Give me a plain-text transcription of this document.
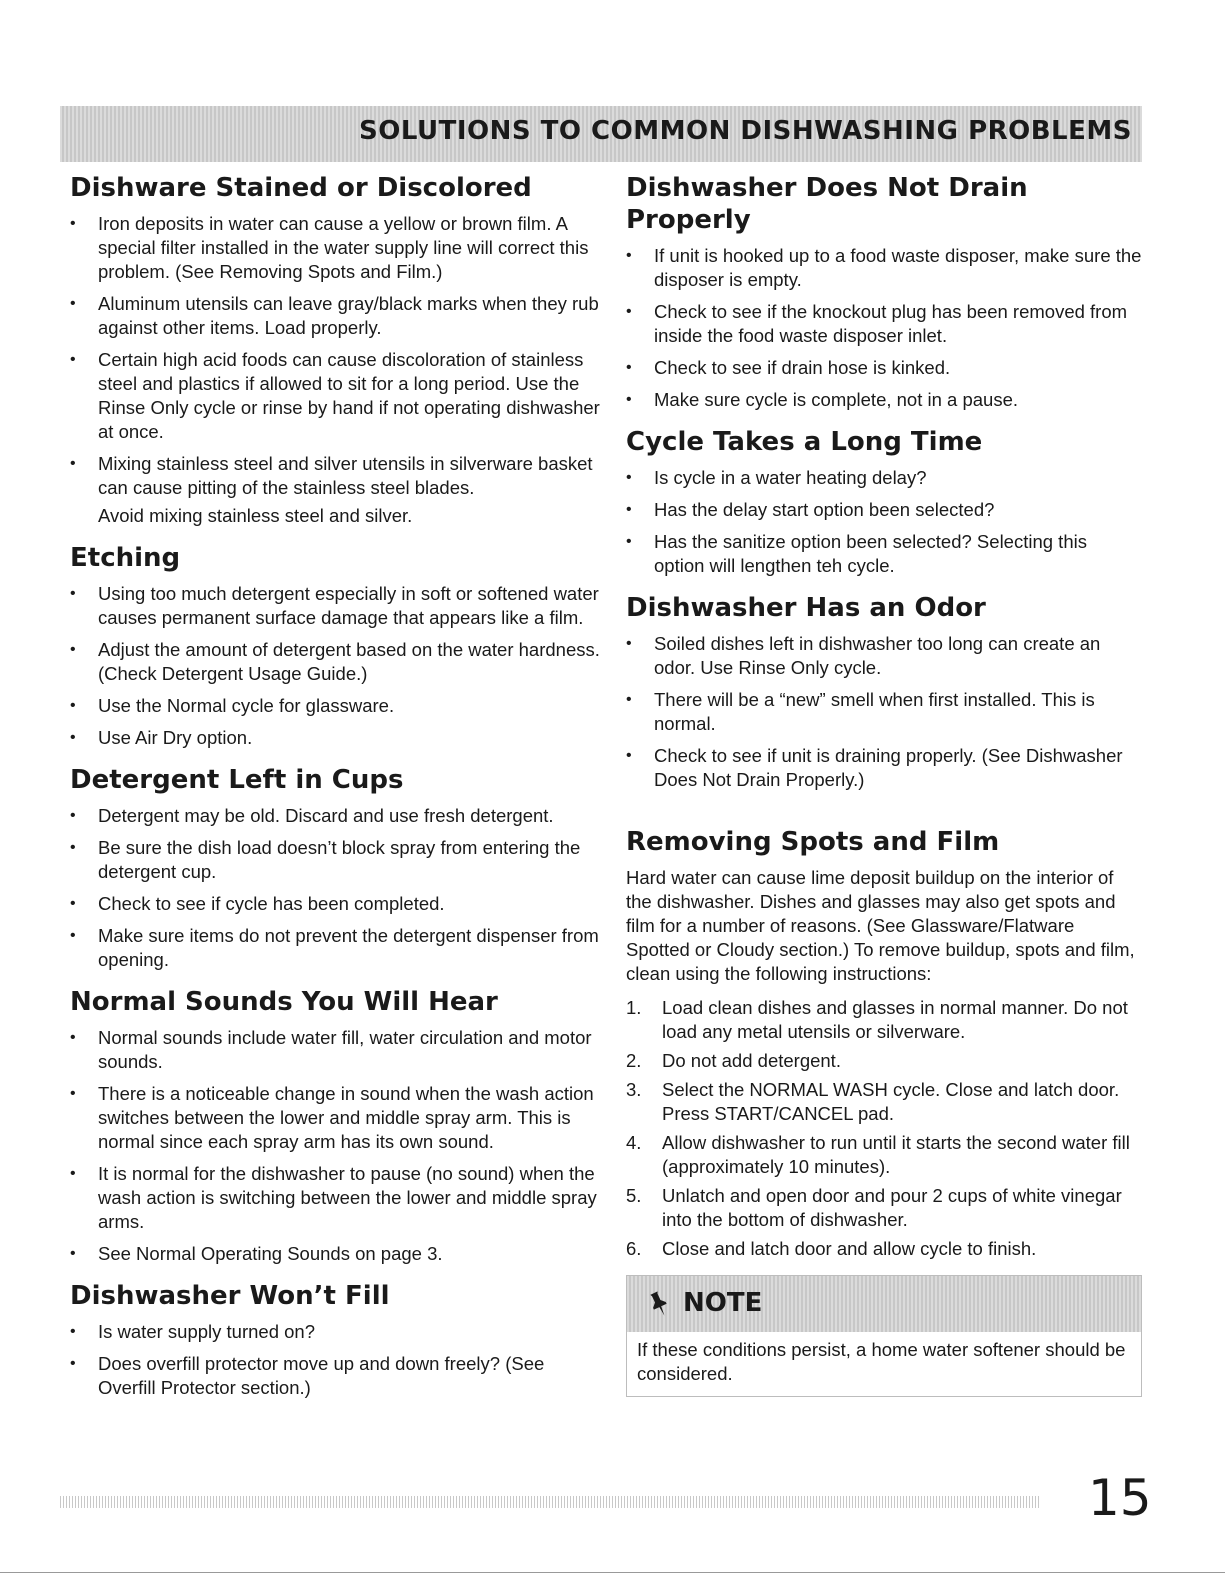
SOLUTIONS TO COMMON DISHWASHING PROBLEMS
Dishware Stained or Discolored
• Iron deposits in water can cause a yellow or brown film. A special filter installed in the water supply line will correct this problem. (See Removing Spots and Film.)
• Aluminum utensils can leave gray/black marks when they rub against other items. Load properly.
• Certain high acid foods can cause discoloration of stainless steel and plastics if allowed to sit for a long period. Use the Rinse Only cycle or rinse by hand if not operating dishwasher at once.
• Mixing stainless steel and silver utensils in silverware basket can cause pitting of the stainless steel blades.
Avoid mixing stainless steel and silver.
Etching
• Using too much detergent especially in soft or softened water causes permanent surface damage that appears like a film.
• Adjust the amount of detergent based on the water hardness. (Check Detergent Usage Guide.)
• Use the Normal cycle for glassware.
• Use Air Dry option.
Detergent Left in Cups
• Detergent may be old. Discard and use fresh detergent.
• Be sure the dish load doesn’t block spray from entering the detergent cup.
• Check to see if cycle has been completed.
• Make sure items do not prevent the detergent dispenser from opening.
Normal Sounds You Will Hear
• Normal sounds include water fill, water circulation and motor sounds.
• There is a noticeable change in sound when the wash action switches between the lower and middle spray arm. This is normal since each spray arm has its own sound.
• It is normal for the dishwasher to pause (no sound) when the wash action is switching between the lower and middle spray arms.
• See Normal Operating Sounds on page 3.
Dishwasher Won’t Fill
• Is water supply turned on?
• Does overfill protector move up and down freely? (See Overfill Protector section.)
Dishwasher Does Not Drain Properly
• If unit is hooked up to a food waste disposer, make sure the disposer is empty.
• Check to see if the knockout plug has been removed from inside the food waste disposer inlet.
• Check to see if drain hose is kinked.
• Make sure cycle is complete, not in a pause.
Cycle Takes a Long Time
• Is cycle in a water heating delay?
• Has the delay start option been selected?
• Has the sanitize option been selected? Selecting this option will lengthen teh cycle.
Dishwasher Has an Odor
• Soiled dishes left in dishwasher too long can create an odor. Use Rinse Only cycle.
• There will be a “new” smell when first installed. This is normal.
• Check to see if unit is draining properly. (See Dishwasher Does Not Drain Properly.)
Removing Spots and Film

Hard water can cause lime deposit buildup on the interior of the dishwasher. Dishes and glasses may also get spots and film for a number of reasons. (See Glassware/Flatware Spotted or Cloudy section.) To remove buildup, spots and film, clean using the following instructions:

1. Load clean dishes and glasses in normal manner. Do not load any metal utensils or silverware.
2. Do not add detergent.
3. Select the NORMAL WASH cycle. Close and latch door. Press START/CANCEL pad.
4. Allow dishwasher to run until it starts the second water fill (approximately 10 minutes).
5. Unlatch and open door and pour 2 cups of white vinegar into the bottom of dishwasher.
6. Close and latch door and allow cycle to finish.
NOTE
If these conditions persist, a home water softener should be considered.
15
